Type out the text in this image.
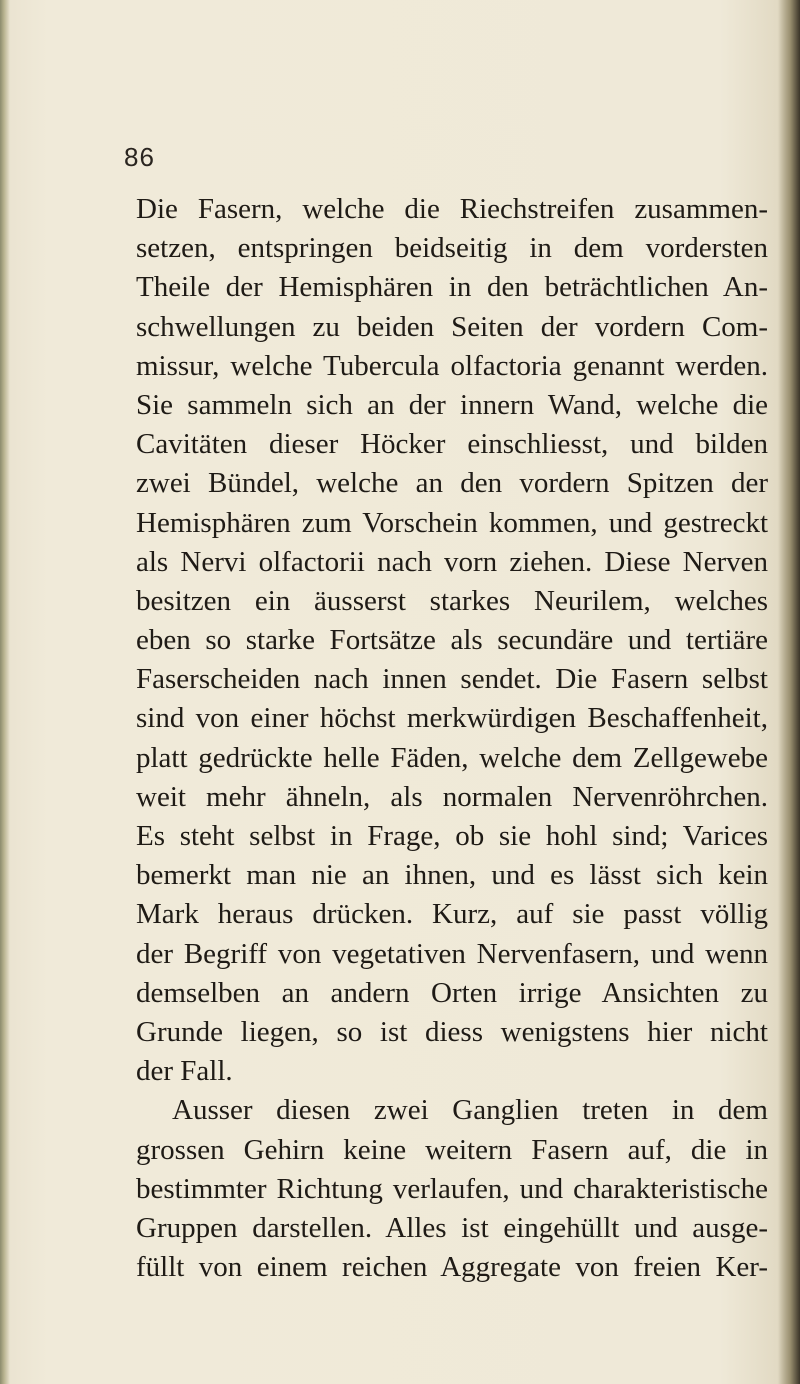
86
Die Fasern, welche die Riechstreifen zusammen-
setzen, entspringen beidseitig in dem vordersten
Theile der Hemisphären in den beträchtlichen An-
schwellungen zu beiden Seiten der vordern Com-
missur, welche Tubercula olfactoria genannt werden.
Sie sammeln sich an der innern Wand, welche die
Cavitäten dieser Höcker einschliesst, und bilden
zwei Bündel, welche an den vordern Spitzen der
Hemisphären zum Vorschein kommen, und gestreckt
als Nervi olfactorii nach vorn ziehen. Diese Nerven
besitzen ein äusserst starkes Neurilem, welches
eben so starke Fortsätze als secundäre und tertiäre
Faserscheiden nach innen sendet. Die Fasern selbst
sind von einer höchst merkwürdigen Beschaffenheit,
platt gedrückte helle Fäden, welche dem Zellgewebe
weit mehr ähneln, als normalen Nervenröhrchen.
Es steht selbst in Frage, ob sie hohl sind; Varices
bemerkt man nie an ihnen, und es lässt sich kein
Mark heraus drücken. Kurz, auf sie passt völlig
der Begriff von vegetativen Nervenfasern, und wenn
demselben an andern Orten irrige Ansichten zu
Grunde liegen, so ist diess wenigstens hier nicht
der Fall.
Ausser diesen zwei Ganglien treten in dem
grossen Gehirn keine weitern Fasern auf, die in
bestimmter Richtung verlaufen, und charakteristische
Gruppen darstellen. Alles ist eingehüllt und ausge-
füllt von einem reichen Aggregate von freien Ker-
